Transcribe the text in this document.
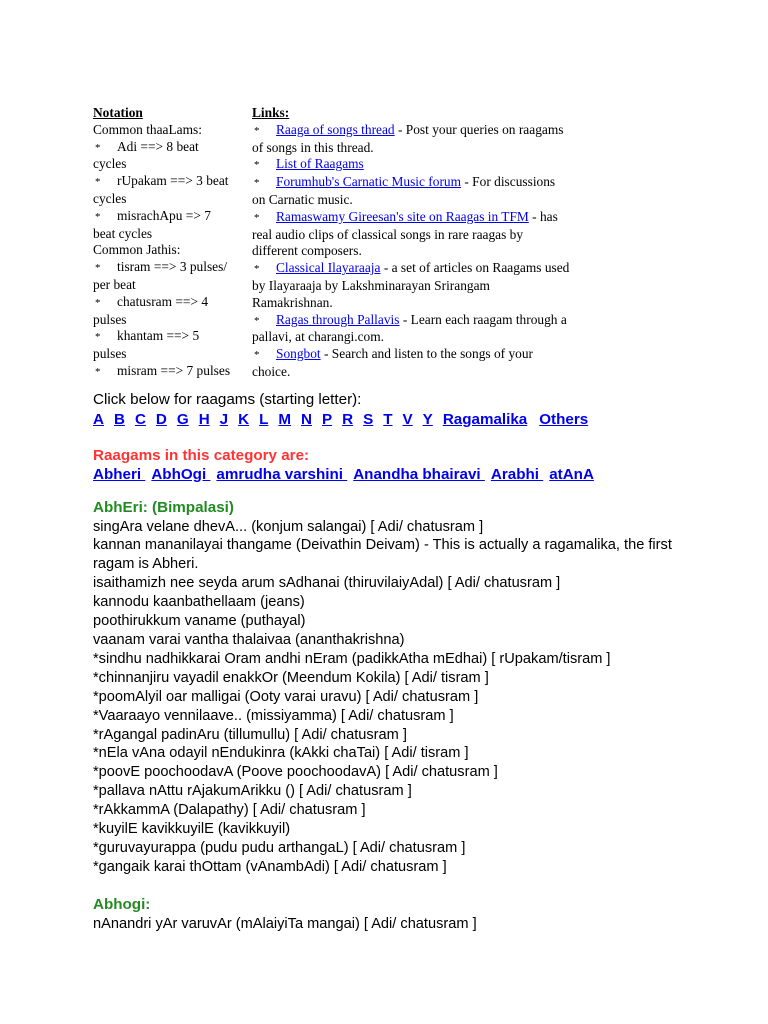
Notation
Common thaaLams:
* Adi ==> 8 beat
cycles
* rUpakam ==> 3 beat
cycles
* misrachApu => 7
beat cycles
Common Jathis:
* tisram ==> 3 pulses/
per beat
* chatusram ==> 4
pulses
* khantam ==> 5
pulses
* misram ==> 7 pulses
Links:
* Raaga of songs thread - Post your queries on raagams
of songs in this thread.
* List of Raagams
* Forumhub's Carnatic Music forum - For discussions
on Carnatic music.
* Ramaswamy Gireesan's site on Raagas in TFM - has
real audio clips of classical songs in rare raagas by
different composers.
* Classical Ilayaraaja - a set of articles on Raagams used
by Ilayaraaja by Lakshminarayan Srirangam
Ramakrishnan.
* Ragas through Pallavis - Learn each raagam through a
pallavi, at charangi.com.
* Songbot - Search and listen to the songs of your
choice.
Click below for raagams (starting letter):
A B C D G H J K L M N P R S T V Y Ragamalika Others
Raagams in this category are:
Abheri AbhOgi amrudha varshini Anandha bhairavi Arabhi atAnA
AbhEri: (Bimpalasi)
singAra velane dhevA... (konjum salangai) [ Adi/ chatusram ]
kannan mananilayai thangame (Deivathin Deivam) - This is actually a ragamalika, the first ragam is Abheri.
isaithamizh nee seyda arum sAdhanai (thiruvilaiyAdal) [ Adi/ chatusram ]
kannodu kaanbathellaam (jeans)
poothirukkum vaname (puthayal)
vaanam varai vantha thalaivaa (ananthakrishna)
*sindhu nadhikkarai Oram andhi nEram (padikkAtha mEdhai) [ rUpakam/tisram ]
*chinnanjiru vayadil enakkOr (Meendum Kokila) [ Adi/ tisram ]
*poomAlyil oar malligai (Ooty varai uravu) [ Adi/ chatusram ]
*Vaaraayo vennilaave.. (missiyamma) [ Adi/ chatusram ]
*rAgangal padinAru (tillumullu) [ Adi/ chatusram ]
*nEla vAna odayil nEndukinra (kAkki chaTai) [ Adi/ tisram ]
*poovE poochoodavA (Poove poochoodavA) [ Adi/ chatusram ]
*pallava nAttu rAjakumArikku () [ Adi/ chatusram ]
*rAkkammA (Dalapathy) [ Adi/ chatusram ]
*kuyilE kavikkuyilE (kavikkuyil)
*guruvayurappa (pudu pudu arthangaL) [ Adi/ chatusram ]
*gangaik karai thOttam (vAnambAdi) [ Adi/ chatusram ]
Abhogi:
nAnandri yAr varuvAr (mAlaiyiTa mangai) [ Adi/ chatusram ]
